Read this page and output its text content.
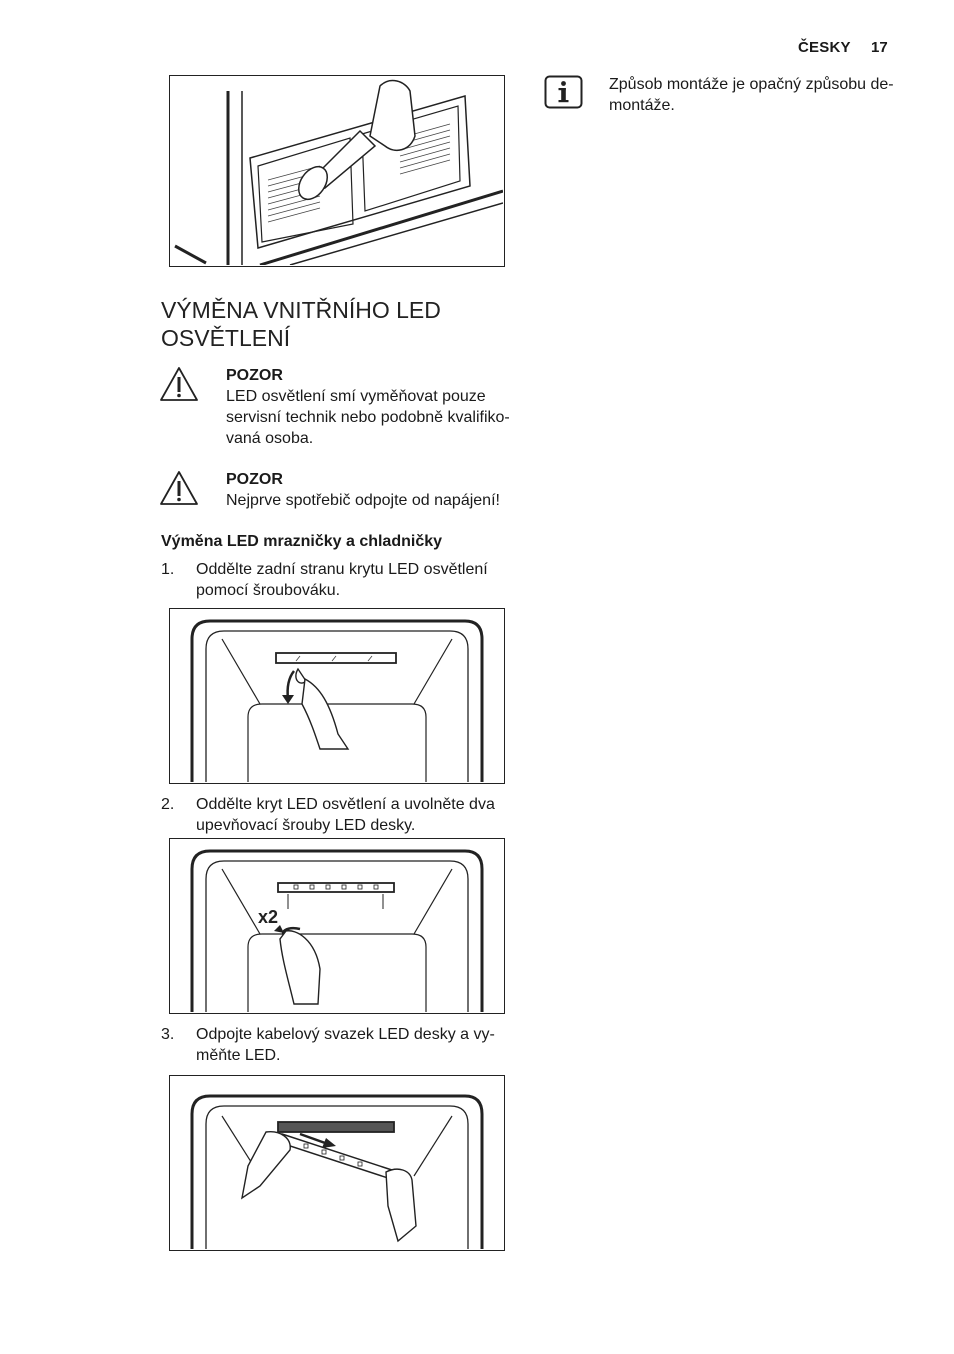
ČESKY 17
VÝMĚNA VNITŘNÍHO LED OSVĚTLENÍ
POZOR
LED osvětlení smí vyměňovat pouze servisní technik nebo podobně kvalifiko-vaná osoba.
POZOR
Nejprve spotřebič odpojte od napájení!
Výměna LED mrazničky a chladničky
1. Oddělte zadní stranu krytu LED osvětlení pomocí šroubováku.
2. Oddělte kryt LED osvětlení a uvolněte dva upevňovací šrouby LED desky.
x2
3. Odpojte kabelový svazek LED desky a vy-měňte LED.
Způsob montáže je opačný způsobu de-montáže.
